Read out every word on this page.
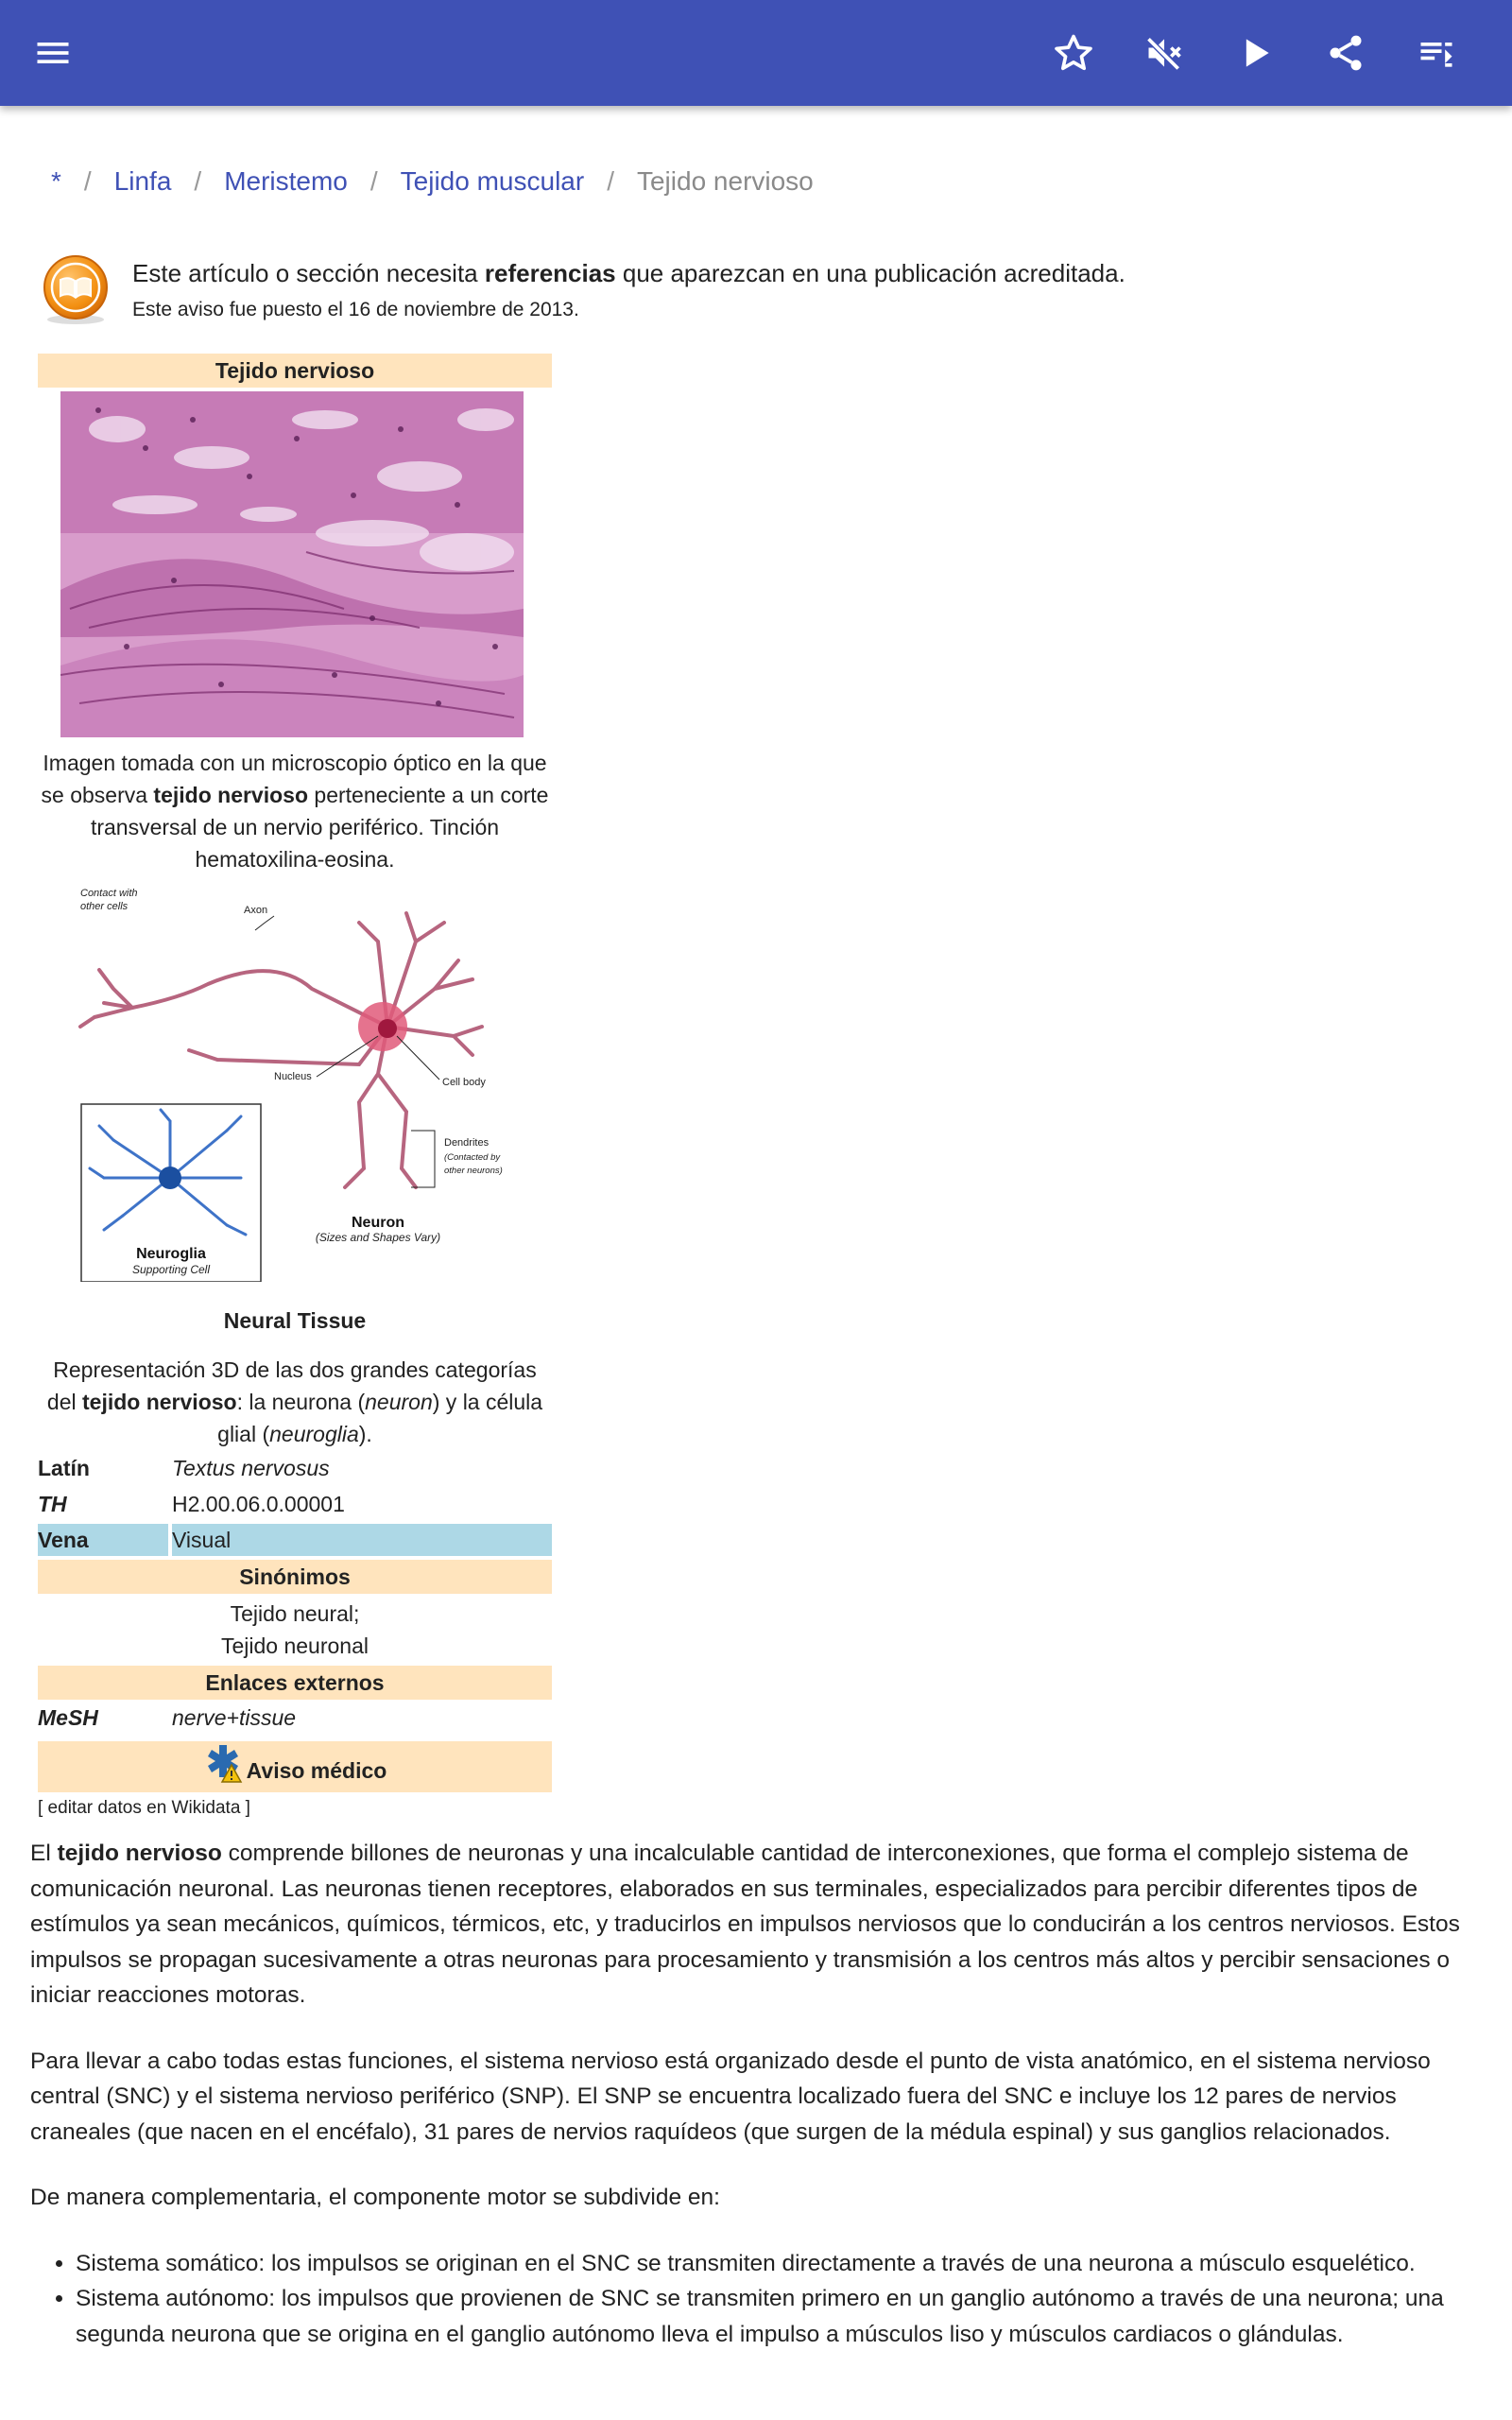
* / Linfa / Meristemo / Tejido muscular / Tejido nervioso
Este artículo o sección necesita referencias que aparezcan en una publicación acreditada.
Este aviso fue puesto el 16 de noviembre de 2013.
Tejido nervioso
Imagen tomada con un microscopio óptico en la que se observa tejido nervioso perteneciente a un corte transversal de un nervio periférico. Tinción hematoxilina-eosina.
Contact with
other cells	Axon
Nucleus	Cell body
Dendrites
(Contacted by
other neurons)
Neuron
(Sizes and Shapes Vary)
Neuroglia
Supporting Cell
Neural Tissue
Representación 3D de las dos grandes categorías del tejido nervioso: la neurona (neuron) y la célula glial (neuroglia).
Latín	Textus nervosus
TH	H2.00.06.0.00001
Vena	Visual
Sinónimos
Tejido neural;
Tejido neuronal
Enlaces externos
MeSH	nerve+tissue
Aviso médico
[ editar datos en Wikidata ]

El tejido nervioso comprende billones de neuronas y una incalculable cantidad de interconexiones, que forma el complejo sistema de comunicación neuronal. Las neuronas tienen receptores, elaborados en sus terminales, especializados para percibir diferentes tipos de estímulos ya sean mecánicos, químicos, térmicos, etc, y traducirlos en impulsos nerviosos que lo conducirán a los centros nerviosos. Estos impulsos se propagan sucesivamente a otras neuronas para procesamiento y transmisión a los centros más altos y percibir sensaciones o iniciar reacciones motoras.

Para llevar a cabo todas estas funciones, el sistema nervioso está organizado desde el punto de vista anatómico, en el sistema nervioso central (SNC) y el sistema nervioso periférico (SNP). El SNP se encuentra localizado fuera del SNC e incluye los 12 pares de nervios craneales (que nacen en el encéfalo), 31 pares de nervios raquídeos (que surgen de la médula espinal) y sus ganglios relacionados.

De manera complementaria, el componente motor se subdivide en:

• Sistema somático: los impulsos se originan en el SNC se transmiten directamente a través de una neurona a músculo esquelético.
• Sistema autónomo: los impulsos que provienen de SNC se transmiten primero en un ganglio autónomo a través de una neurona; una segunda neurona que se origina en el ganglio autónomo lleva el impulso a músculos liso y músculos cardiacos o glándulas.
